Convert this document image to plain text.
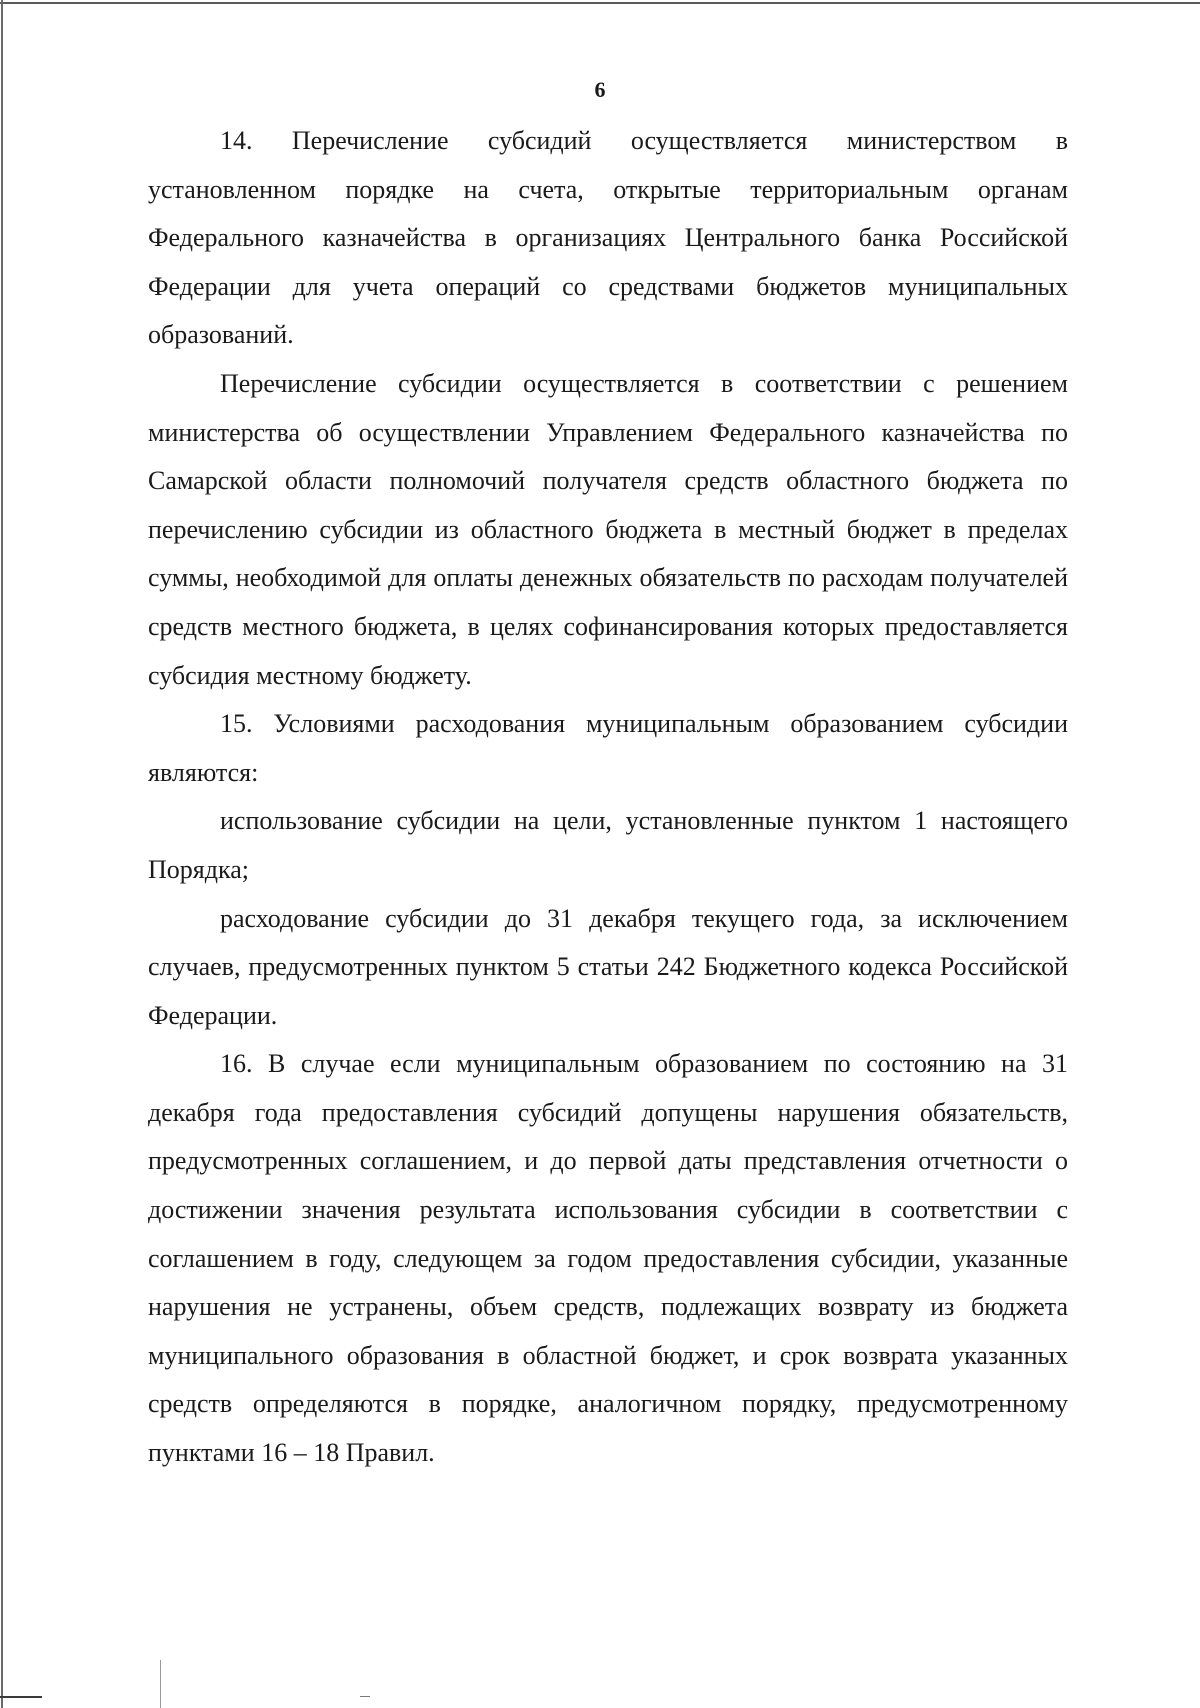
6

14. Перечисление субсидий осуществляется министерством в установленном порядке на счета, открытые территориальным органам Федерального казначейства в организациях Центрального банка Российской Федерации для учета операций со средствами бюджетов муниципальных образований.

Перечисление субсидии осуществляется в соответствии с решением министерства об осуществлении Управлением Федерального казначейства по Самарской области полномочий получателя средств областного бюджета по перечислению субсидии из областного бюджета в местный бюджет в пределах суммы, необходимой для оплаты денежных обязательств по расходам получателей средств местного бюджета, в целях софинансирования которых предоставляется субсидия местному бюджету.

15. Условиями расходования муниципальным образованием субсидии являются:

использование субсидии на цели, установленные пунктом 1 настоящего Порядка;

расходование субсидии до 31 декабря текущего года, за исключением случаев, предусмотренных пунктом 5 статьи 242 Бюджетного кодекса Российской Федерации.

16. В случае если муниципальным образованием по состоянию на 31 декабря года предоставления субсидий допущены нарушения обязательств, предусмотренных соглашением, и до первой даты представления отчетности о достижении значения результата использования субсидии в соответствии с соглашением в году, следующем за годом предоставления субсидии, указанные нарушения не устранены, объем средств, подлежащих возврату из бюджета муниципального образования в областной бюджет, и срок возврата указанных средств определяются в порядке, аналогичном порядку, предусмотренному пунктами 16 – 18 Правил.
